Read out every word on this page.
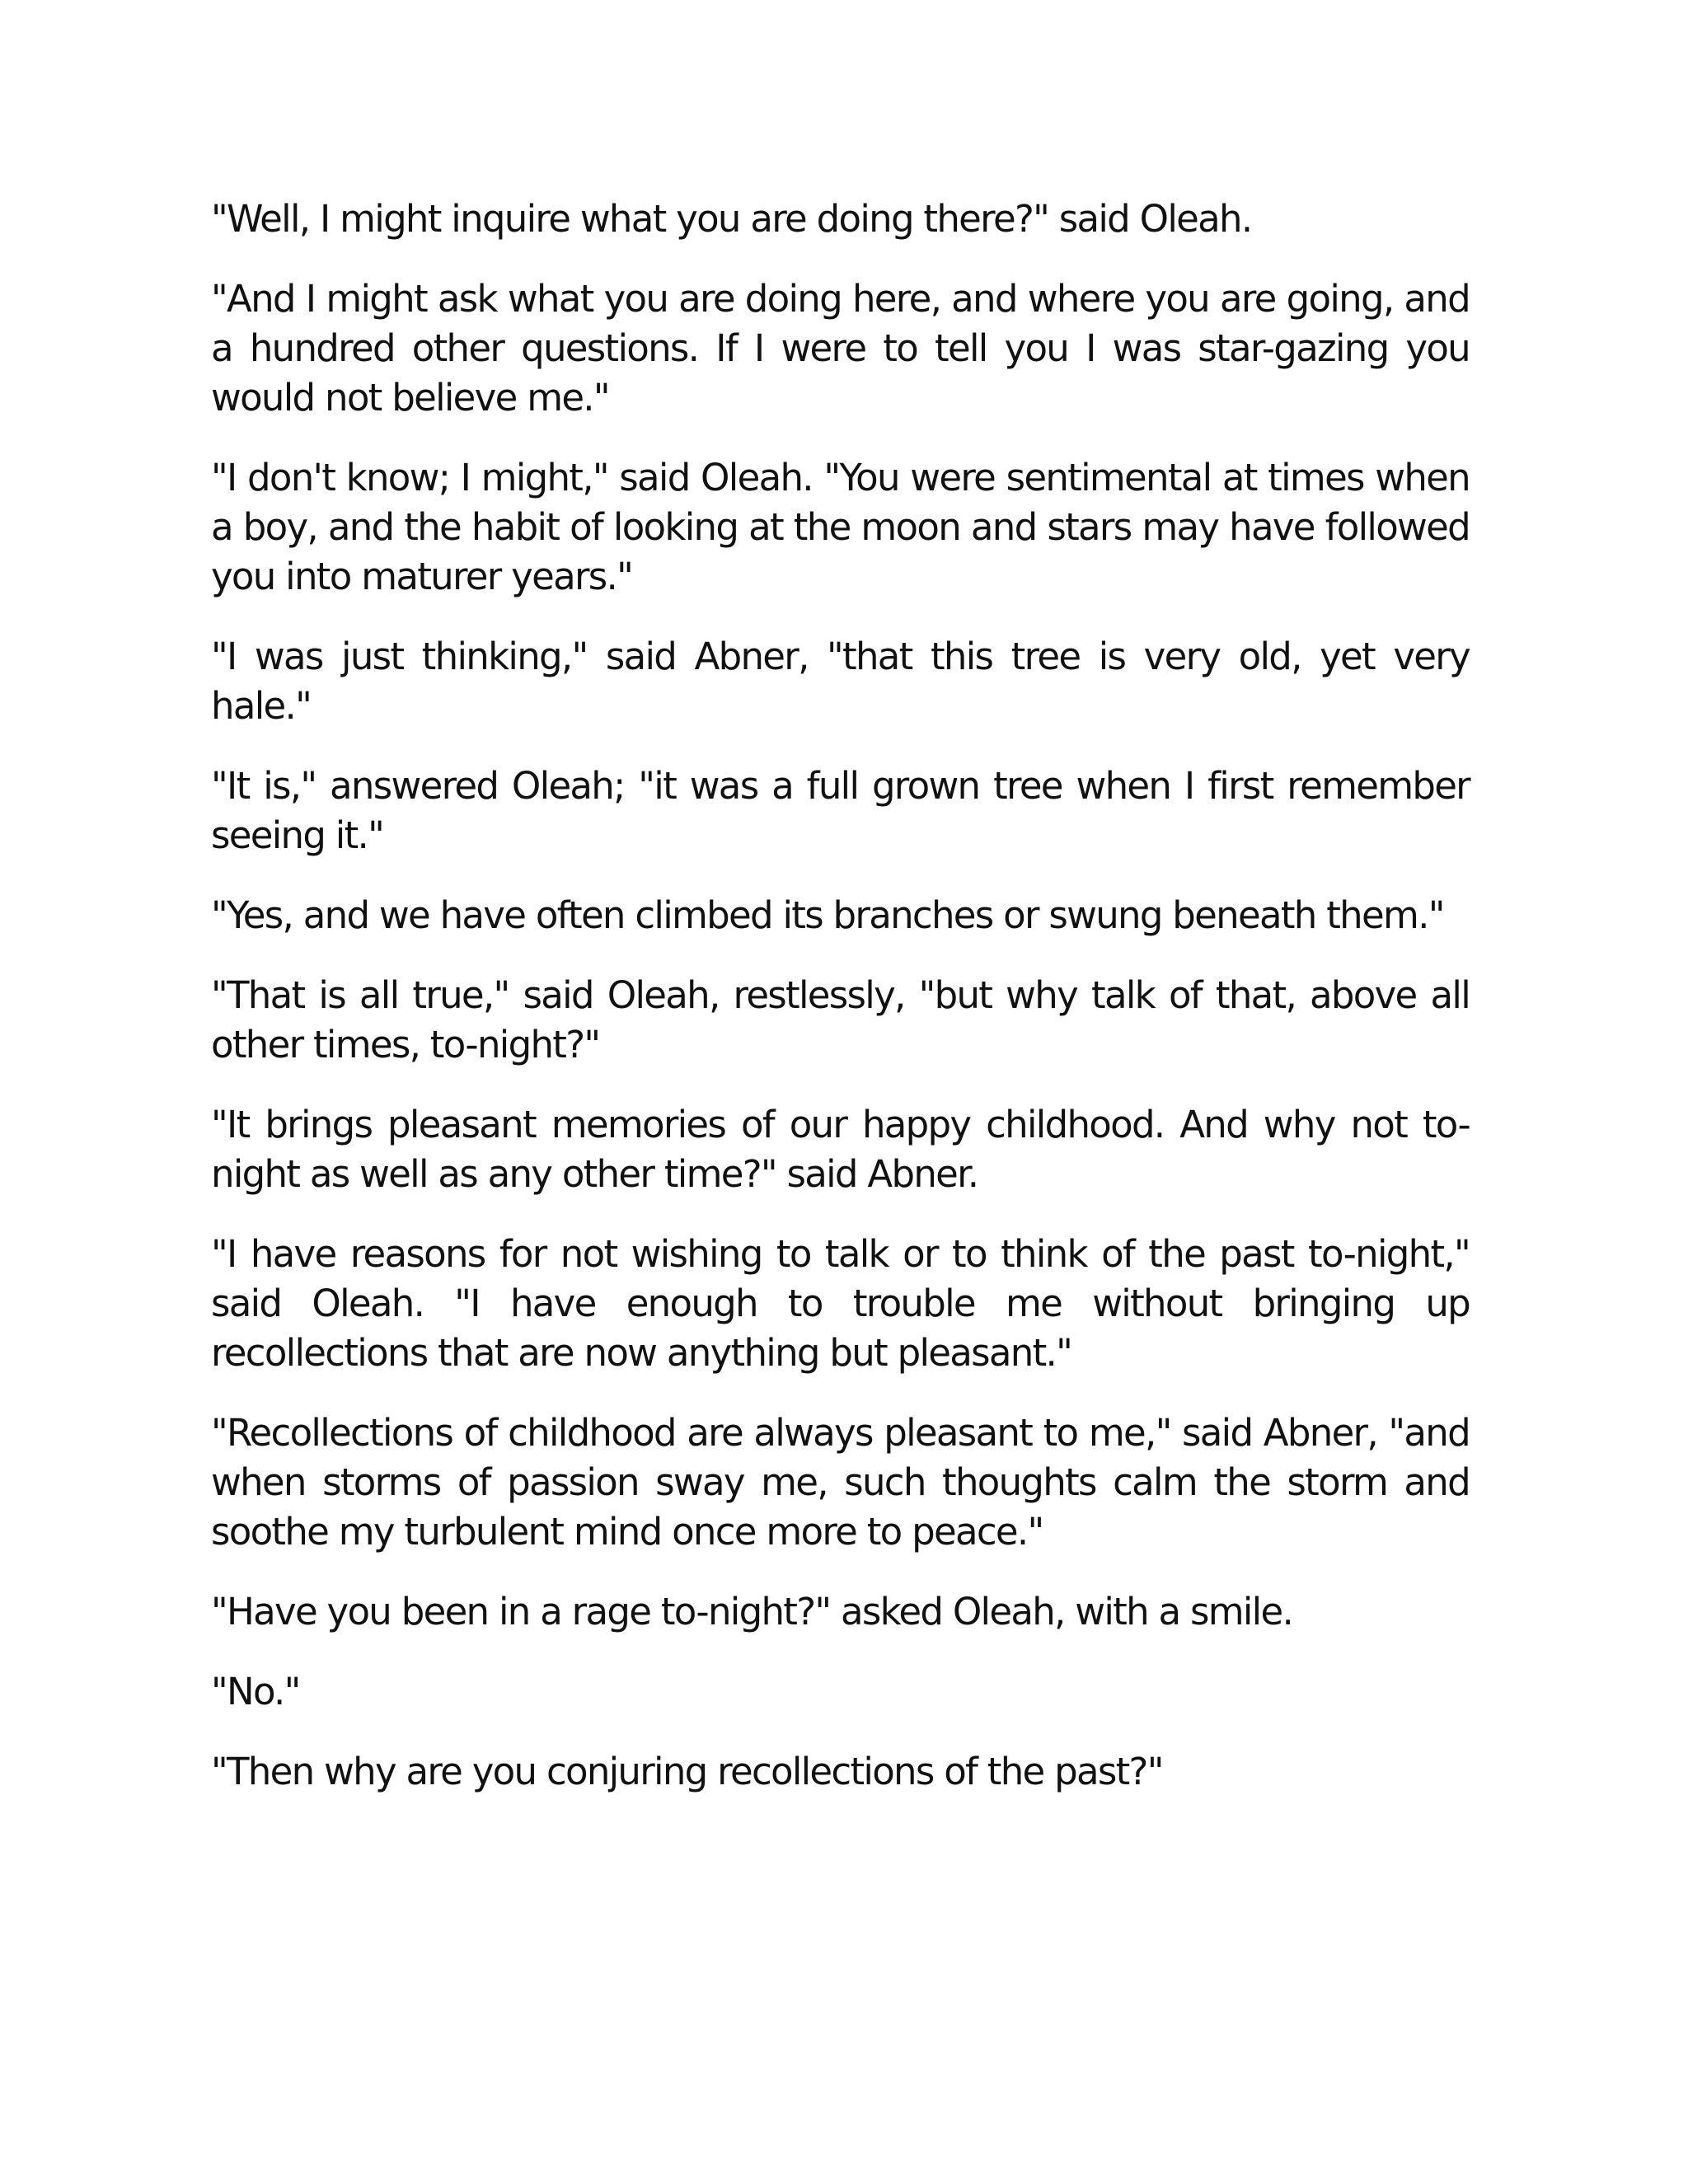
"Well, I might inquire what you are doing there?" said Oleah.

"And I might ask what you are doing here, and where you are going, and a hundred other questions. If I were to tell you I was star-gazing you would not believe me."

"I don't know; I might," said Oleah. "You were sentimental at times when a boy, and the habit of looking at the moon and stars may have followed you into maturer years."

"I was just thinking," said Abner, "that this tree is very old, yet very hale."

"It is," answered Oleah; "it was a full grown tree when I first remember seeing it."

"Yes, and we have often climbed its branches or swung beneath them."

"That is all true," said Oleah, restlessly, "but why talk of that, above all other times, to-night?"

"It brings pleasant memories of our happy childhood. And why not to-night as well as any other time?" said Abner.

"I have reasons for not wishing to talk or to think of the past to-night," said Oleah. "I have enough to trouble me without bringing up recollections that are now anything but pleasant."

"Recollections of childhood are always pleasant to me," said Abner, "and when storms of passion sway me, such thoughts calm the storm and soothe my turbulent mind once more to peace."

"Have you been in a rage to-night?" asked Oleah, with a smile.

"No."

"Then why are you conjuring recollections of the past?"
